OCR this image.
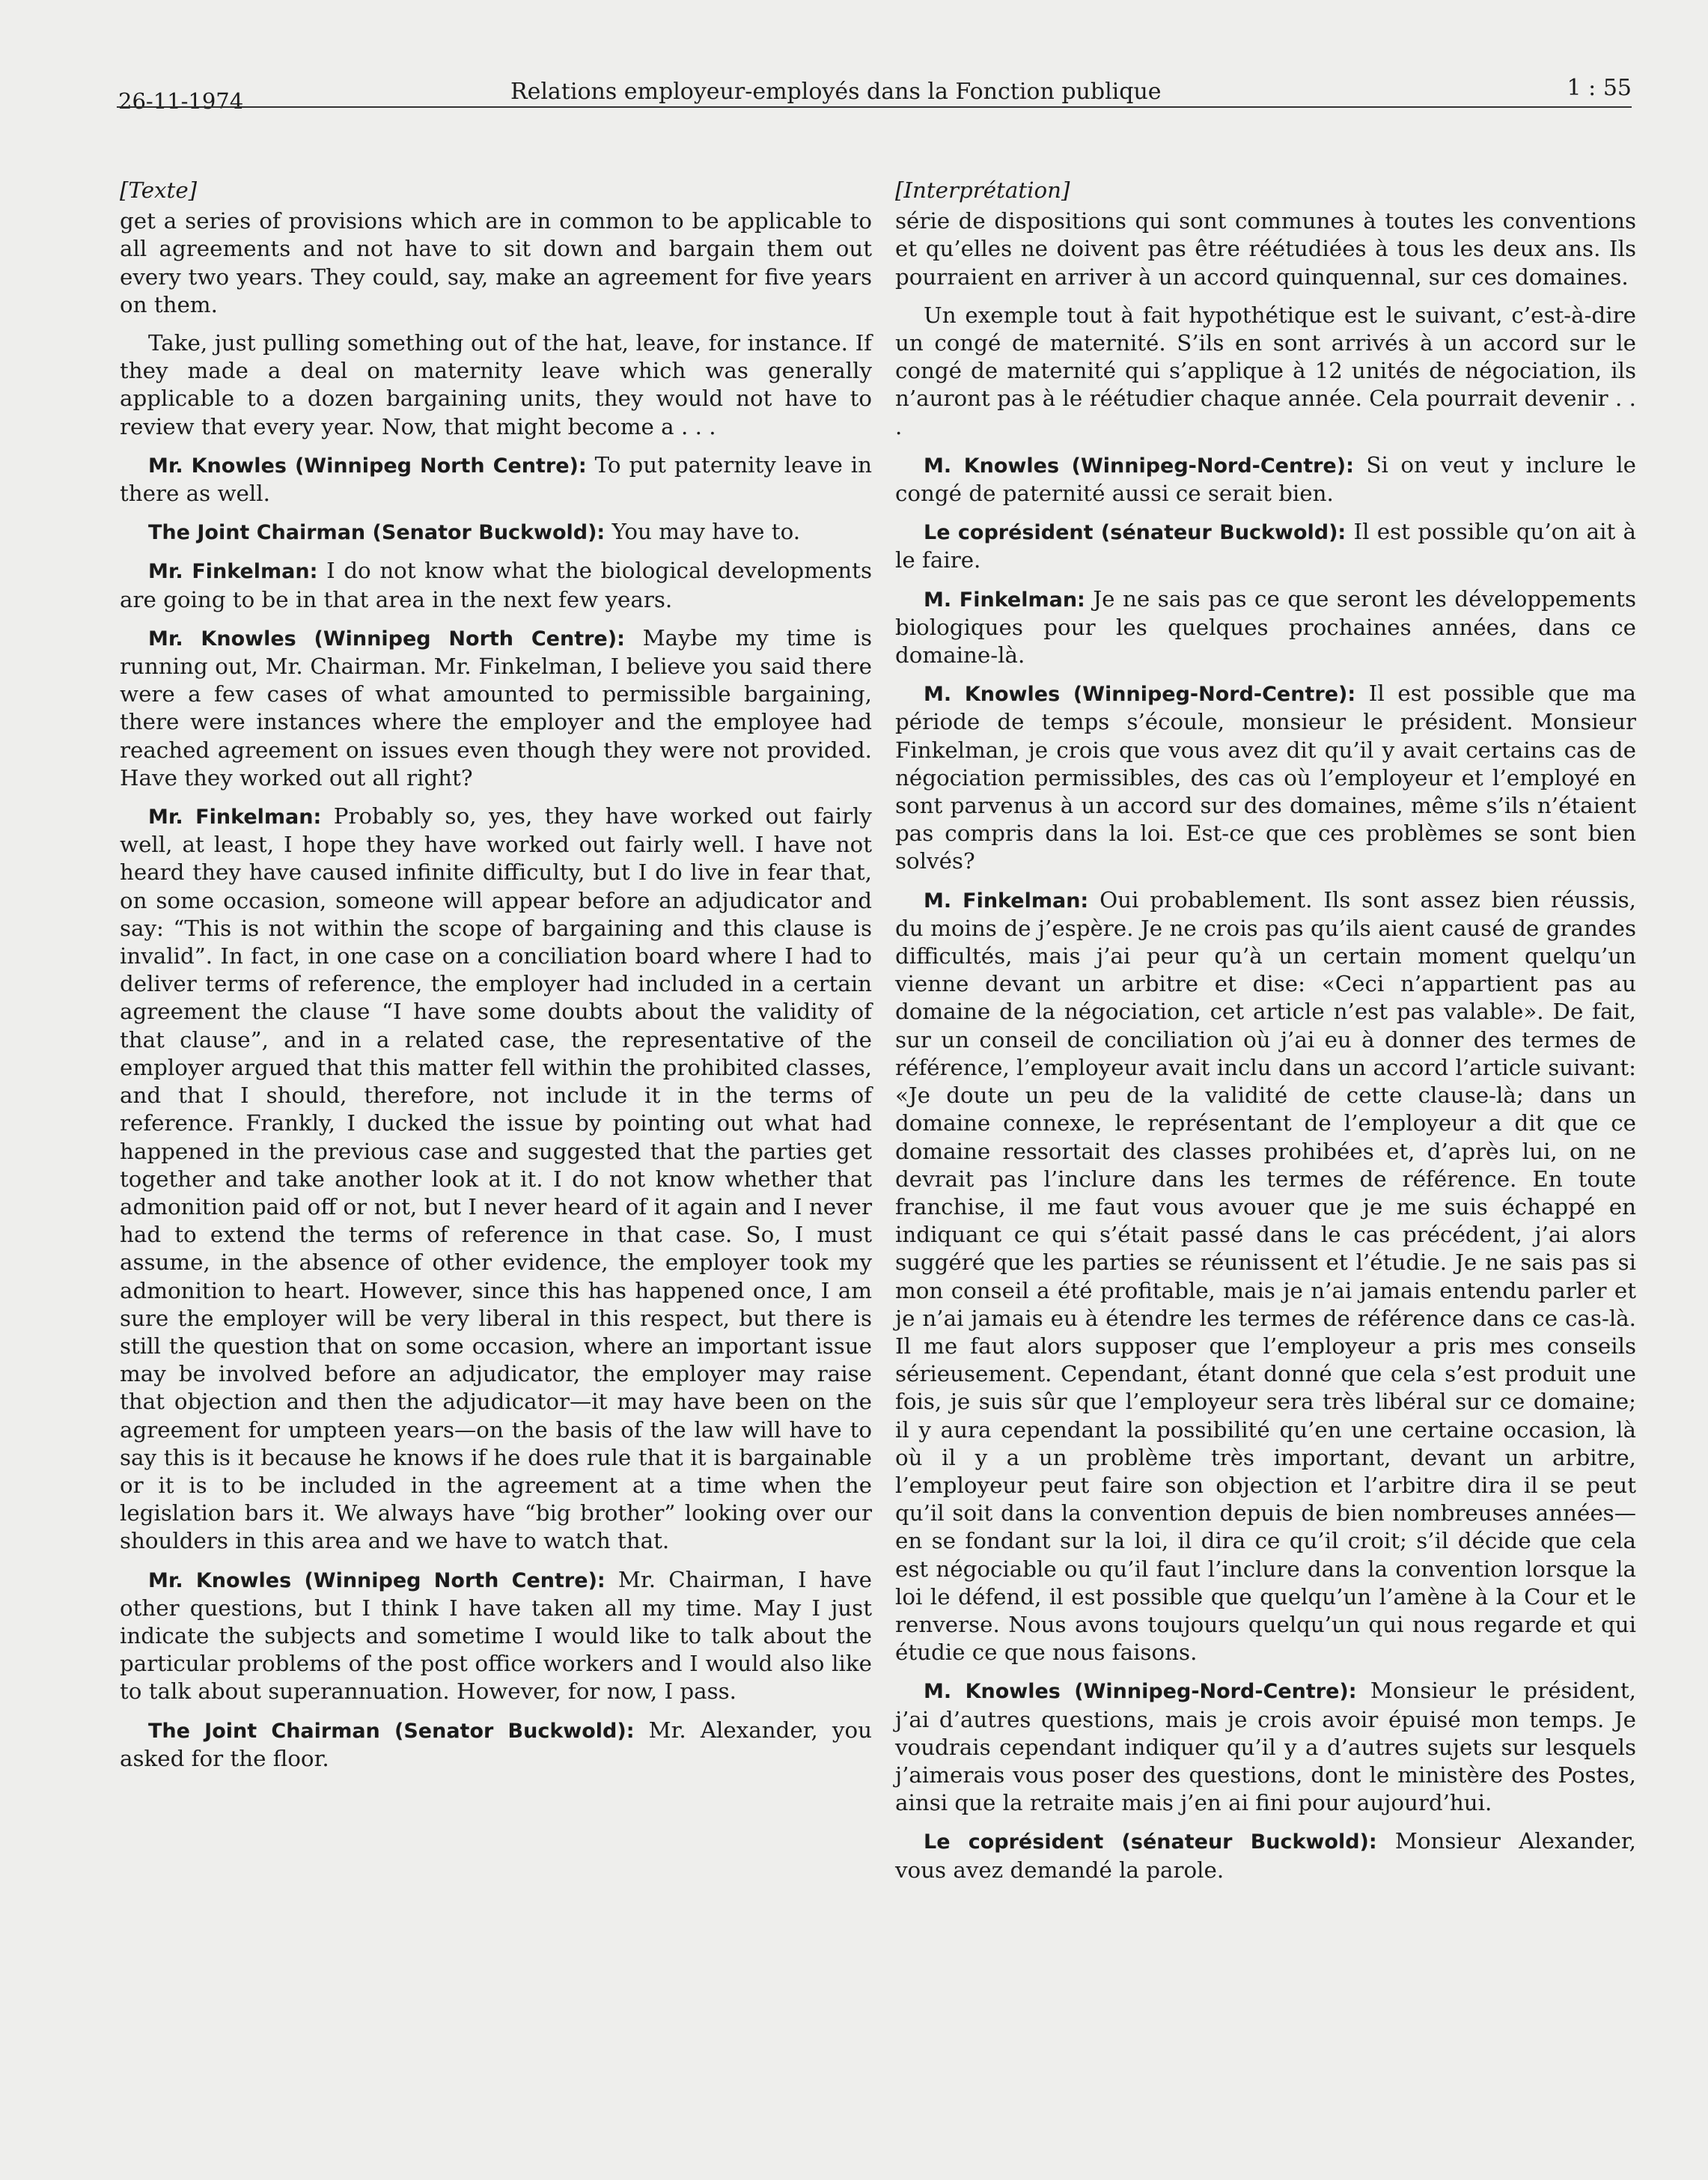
26-11-1974	Relations employeur-employés dans la Fonction publique	1 : 55
[Texte]

get a series of provisions which are in common to be applicable to all agreements and not have to sit down and bargain them out every two years. They could, say, make an agreement for five years on them.

Take, just pulling something out of the hat, leave, for instance. If they made a deal on maternity leave which was generally applicable to a dozen bargaining units, they would not have to review that every year. Now, that might become a . . .

Mr. Knowles (Winnipeg North Centre): To put paternity leave in there as well.

The Joint Chairman (Senator Buckwold): You may have to.

Mr. Finkelman: I do not know what the biological developments are going to be in that area in the next few years.

Mr. Knowles (Winnipeg North Centre): Maybe my time is running out, Mr. Chairman. Mr. Finkelman, I believe you said there were a few cases of what amounted to permissible bargaining, there were instances where the employer and the employee had reached agreement on issues even though they were not provided. Have they worked out all right?

Mr. Finkelman: Probably so, yes, they have worked out fairly well, at least, I hope they have worked out fairly well. I have not heard they have caused infinite difficulty, but I do live in fear that, on some occasion, someone will appear before an adjudicator and say: “This is not within the scope of bargaining and this clause is invalid”. In fact, in one case on a conciliation board where I had to deliver terms of reference, the employer had included in a certain agreement the clause “I have some doubts about the validity of that clause”, and in a related case, the representative of the employer argued that this matter fell within the prohibited classes, and that I should, therefore, not include it in the terms of reference. Frankly, I ducked the issue by pointing out what had happened in the previous case and suggested that the parties get together and take another look at it. I do not know whether that admonition paid off or not, but I never heard of it again and I never had to extend the terms of reference in that case. So, I must assume, in the absence of other evidence, the employer took my admonition to heart. However, since this has happened once, I am sure the employer will be very liberal in this respect, but there is still the question that on some occasion, where an important issue may be involved before an adjudicator, the employer may raise that objection and then the adjudicator—it may have been on the agreement for umpteen years—on the basis of the law will have to say this is it because he knows if he does rule that it is bargainable or it is to be included in the agreement at a time when the legislation bars it. We always have “big brother” looking over our shoulders in this area and we have to watch that.

Mr. Knowles (Winnipeg North Centre): Mr. Chairman, I have other questions, but I think I have taken all my time. May I just indicate the subjects and sometime I would like to talk about the particular problems of the post office workers and I would also like to talk about superannuation. However, for now, I pass.

The Joint Chairman (Senator Buckwold): Mr. Alexander, you asked for the floor.

[Interprétation]

série de dispositions qui sont communes à toutes les conventions et qu’elles ne doivent pas être réétudiées à tous les deux ans. Ils pourraient en arriver à un accord quinquennal, sur ces domaines.

Un exemple tout à fait hypothétique est le suivant, c’est-à-dire un congé de maternité. S’ils en sont arrivés à un accord sur le congé de maternité qui s’applique à 12 unités de négociation, ils n’auront pas à le réétudier chaque année. Cela pourrait devenir . . .

M. Knowles (Winnipeg-Nord-Centre): Si on veut y inclure le congé de paternité aussi ce serait bien.

Le coprésident (sénateur Buckwold): Il est possible qu’on ait à le faire.

M. Finkelman: Je ne sais pas ce que seront les développements biologiques pour les quelques prochaines années, dans ce domaine-là.

M. Knowles (Winnipeg-Nord-Centre): Il est possible que ma période de temps s’écoule, monsieur le président. Monsieur Finkelman, je crois que vous avez dit qu’il y avait certains cas de négociation permissibles, des cas où l’employeur et l’employé en sont parvenus à un accord sur des domaines, même s’ils n’étaient pas compris dans la loi. Est-ce que ces problèmes se sont bien solvés?

M. Finkelman: Oui probablement. Ils sont assez bien réussis, du moins de j’espère. Je ne crois pas qu’ils aient causé de grandes difficultés, mais j’ai peur qu’à un certain moment quelqu’un vienne devant un arbitre et dise: «Ceci n’appartient pas au domaine de la négociation, cet article n’est pas valable». De fait, sur un conseil de conciliation où j’ai eu à donner des termes de référence, l’employeur avait inclu dans un accord l’article suivant: «Je doute un peu de la validité de cette clause-là; dans un domaine connexe, le représentant de l’employeur a dit que ce domaine ressortait des classes prohibées et, d’après lui, on ne devrait pas l’inclure dans les termes de référence. En toute franchise, il me faut vous avouer que je me suis échappé en indiquant ce qui s’était passé dans le cas précédent, j’ai alors suggéré que les parties se réunissent et l’étudie. Je ne sais pas si mon conseil a été profitable, mais je n’ai jamais entendu parler et je n’ai jamais eu à étendre les termes de référence dans ce cas-là. Il me faut alors supposer que l’employeur a pris mes conseils sérieusement. Cependant, étant donné que cela s’est produit une fois, je suis sûr que l’employeur sera très libéral sur ce domaine; il y aura cependant la possibilité qu’en une certaine occasion, là où il y a un problème très important, devant un arbitre, l’employeur peut faire son objection et l’arbitre dira il se peut qu’il soit dans la convention depuis de bien nombreuses années—en se fondant sur la loi, il dira ce qu’il croit; s’il décide que cela est négociable ou qu’il faut l’inclure dans la convention lorsque la loi le défend, il est possible que quelqu’un l’amène à la Cour et le renverse. Nous avons toujours quelqu’un qui nous regarde et qui étudie ce que nous faisons.

M. Knowles (Winnipeg-Nord-Centre): Monsieur le président, j’ai d’autres questions, mais je crois avoir épuisé mon temps. Je voudrais cependant indiquer qu’il y a d’autres sujets sur lesquels j’aimerais vous poser des questions, dont le ministère des Postes, ainsi que la retraite mais j’en ai fini pour aujourd’hui.

Le coprésident (sénateur Buckwold): Monsieur Alexander, vous avez demandé la parole.
